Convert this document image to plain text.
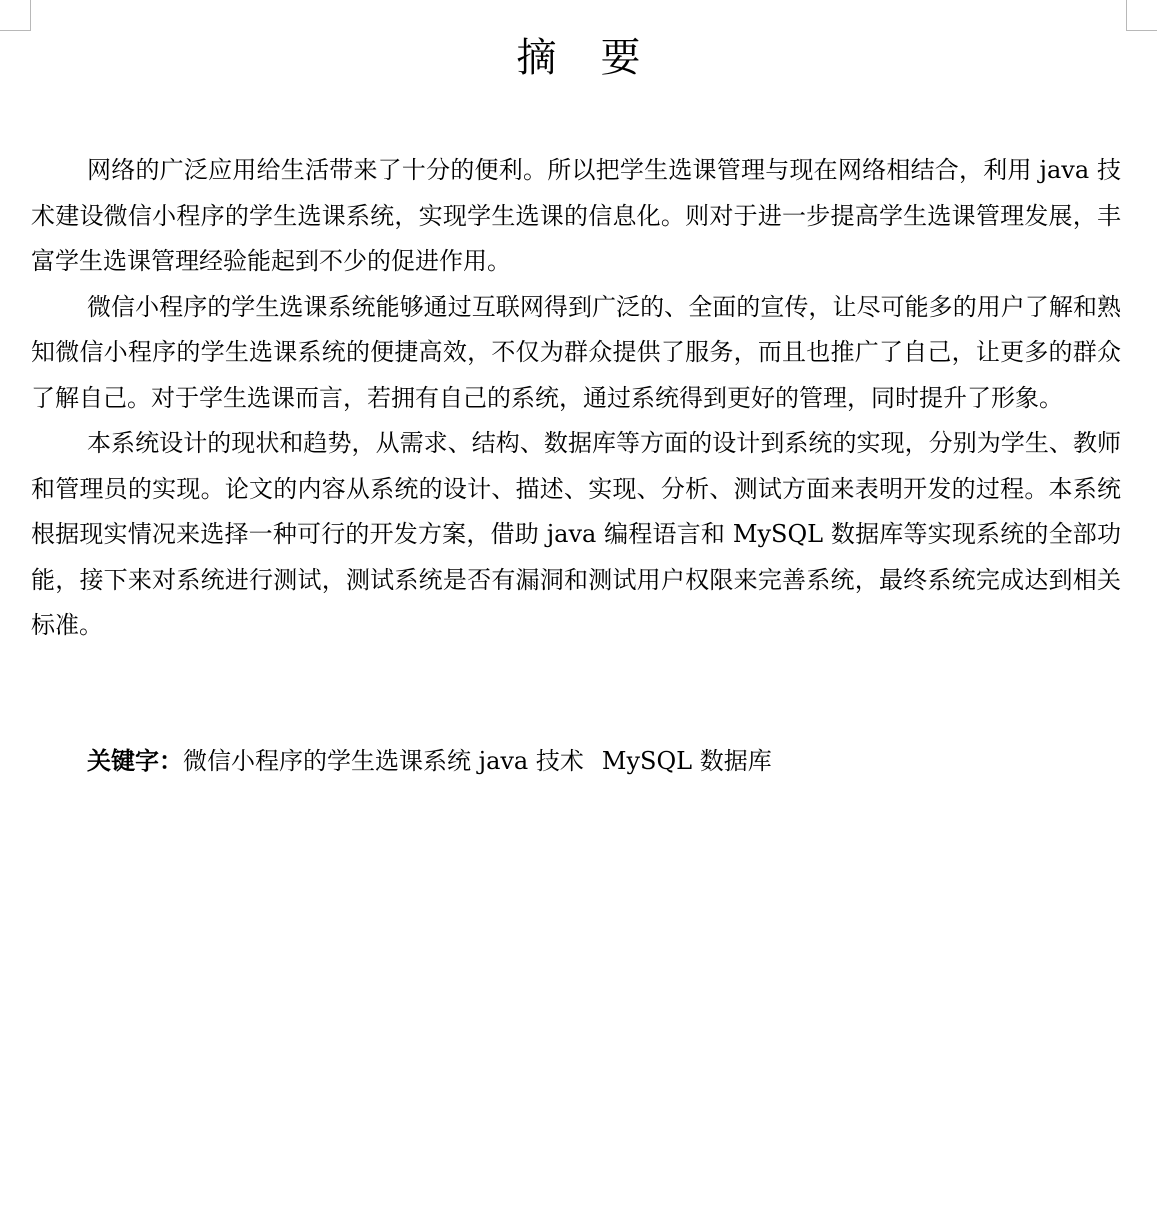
摘 要

网络的广泛应用给生活带来了十分的便利。所以把学生选课管理与现在网络相结合，利用 java 技术建设微信小程序的学生选课系统，实现学生选课的信息化。则对于进一步提高学生选课管理发展，丰富学生选课管理经验能起到不少的促进作用。

微信小程序的学生选课系统能够通过互联网得到广泛的、全面的宣传，让尽可能多的用户了解和熟知微信小程序的学生选课系统的便捷高效，不仅为群众提供了服务，而且也推广了自己，让更多的群众了解自己。对于学生选课而言，若拥有自己的系统，通过系统得到更好的管理，同时提升了形象。

本系统设计的现状和趋势，从需求、结构、数据库等方面的设计到系统的实现，分别为学生、教师和管理员的实现。论文的内容从系统的设计、描述、实现、分析、测试方面来表明开发的过程。本系统根据现实情况来选择一种可行的开发方案，借助 java 编程语言和 MySQL 数据库等实现系统的全部功能，接下来对系统进行测试，测试系统是否有漏洞和测试用户权限来完善系统，最终系统完成达到相关标准。

关键字：微信小程序的学生选课系统 java 技术 MySQL 数据库
